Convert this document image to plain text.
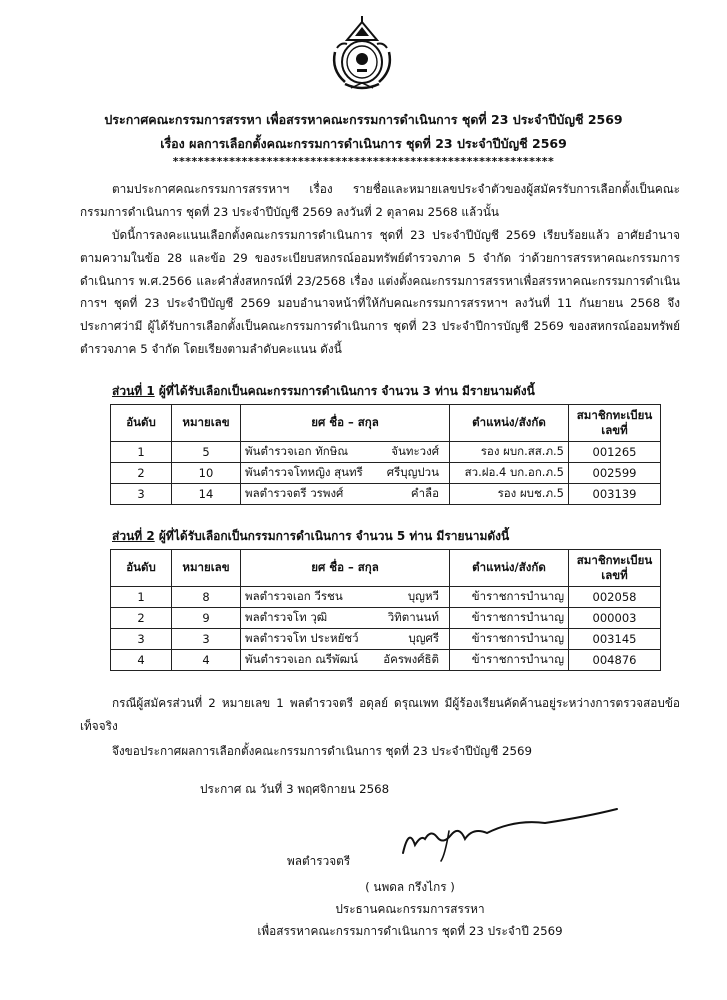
ประกาศคณะกรรมการสรรหา เพื่อสรรหาคณะกรรมการดำเนินการ ชุดที่ 23 ประจำปีบัญชี 2569
เรื่อง ผลการเลือกตั้งคณะกรรมการดำเนินการ ชุดที่ 23 ประจำปีบัญชี 2569
*************************************************************
ตามประกาศคณะกรรมการสรรหาฯ เรื่อง รายชื่อและหมายเลขประจำตัวของผู้สมัครรับการเลือกตั้งเป็นคณะกรรมการดำเนินการ ชุดที่ 23 ประจำปีบัญชี 2569 ลงวันที่ 2 ตุลาคม 2568 แล้วนั้น
บัดนี้การลงคะแนนเลือกตั้งคณะกรรมการดำเนินการ ชุดที่ 23 ประจำปีบัญชี 2569 เรียบร้อยแล้ว อาศัยอำนาจตามความในข้อ 28 และข้อ 29 ของระเบียบสหกรณ์ออมทรัพย์ตำรวจภาค 5 จำกัด ว่าด้วยการสรรหาคณะกรรมการดำเนินการ พ.ศ.2566 และคำสั่งสหกรณ์ที่ 23/2568 เรื่อง แต่งตั้งคณะกรรมการสรรหาเพื่อสรรหาคณะกรรมการดำเนินการฯ ชุดที่ 23 ประจำปีบัญชี 2569 มอบอำนาจหน้าที่ให้กับคณะกรรมการสรรหาฯ ลงวันที่ 11 กันยายน 2568 จึงประกาศว่ามี ผู้ได้รับการเลือกตั้งเป็นคณะกรรมการดำเนินการ ชุดที่ 23 ประจำปีการบัญชี 2569 ของสหกรณ์ออมทรัพย์ตำรวจภาค 5 จำกัด โดยเรียงตามลำดับคะแนน ดังนี้
ส่วนที่ 1 ผู้ที่ได้รับเลือกเป็นคณะกรรมการดำเนินการ จำนวน 3 ท่าน มีรายนามดังนี้
อันดับ	หมายเลข	ยศ ชื่อ – สกุล	ตำแหน่ง/สังกัด	สมาชิกทะเบียน
เลขที่
1	5	พันตำรวจเอก ทักษิณ จันทะวงศ์	รอง ผบก.สส.ภ.5	001265
2	10	พันตำรวจโทหญิง สุนทรี ศรีบุญปวน	สว.ฝอ.4 บก.อก.ภ.5	002599
3	14	พลตำรวจตรี วรพงศ์ คำลือ	รอง ผบช.ภ.5	003139
ส่วนที่ 2 ผู้ที่ได้รับเลือกเป็นกรรมการดำเนินการ จำนวน 5 ท่าน มีรายนามดังนี้
อันดับ	หมายเลข	ยศ ชื่อ – สกุล	ตำแหน่ง/สังกัด	สมาชิกทะเบียน
เลขที่
1	8	พลตำรวจเอก วีรชน บุญหวี	ข้าราชการบำนาญ	002058
2	9	พลตำรวจโท วุฒิ วิทิตานนท์	ข้าราชการบำนาญ	000003
3	3	พลตำรวจโท ประหยัชว์ บุญศรี	ข้าราชการบำนาญ	003145
4	4	พันตำรวจเอก ณรีพัฒน์ อัครพงศ์ธิติ	ข้าราชการบำนาญ	004876
กรณีผู้สมัครส่วนที่ 2 หมายเลข 1 พลตำรวจตรี อดุลย์ ดรุณเพท มีผู้ร้องเรียนคัดค้านอยู่ระหว่างการตรวจสอบข้อเท็จจริง
จึงขอประกาศผลการเลือกตั้งคณะกรรมการดำเนินการ ชุดที่ 23 ประจำปีบัญชี 2569
ประกาศ ณ วันที่ 3 พฤศจิกายน 2568
พลตำรวจตรี
( นพดล กรึงไกร )
ประธานคณะกรรมการสรรหา
เพื่อสรรหาคณะกรรมการดำเนินการ ชุดที่ 23 ประจำปี 2569
